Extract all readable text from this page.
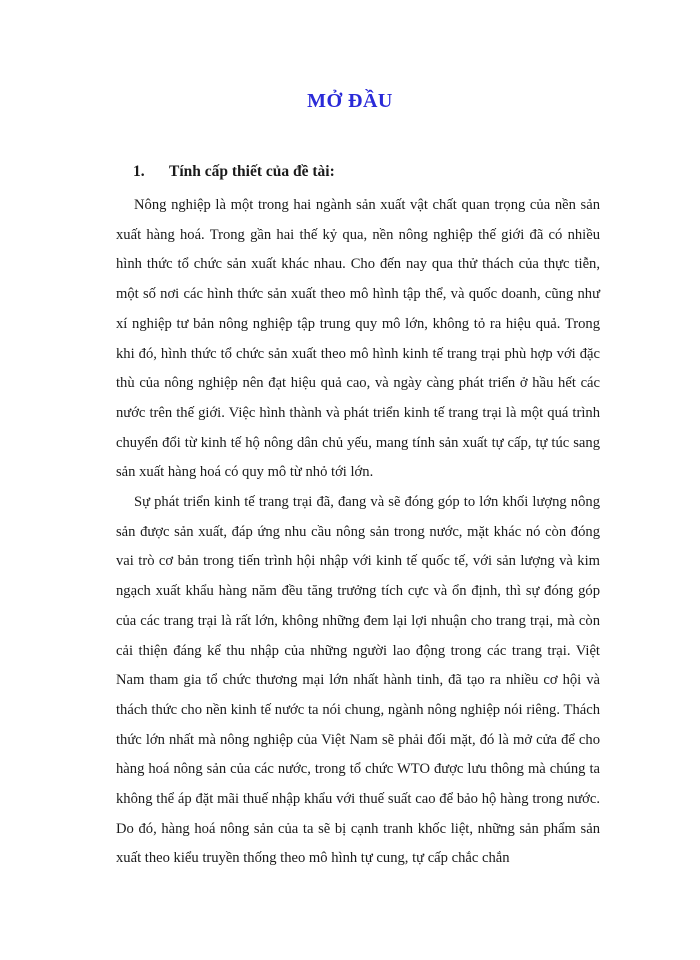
MỞ ĐẦU
1. Tính cấp thiết của đề tài:

Nông nghiệp là một trong hai ngành sản xuất vật chất quan trọng của nền sản xuất hàng hoá. Trong gần hai thế kỷ qua, nền nông nghiệp thế giới đã có nhiều hình thức tổ chức sản xuất khác nhau. Cho đến nay qua thử thách của thực tiễn, một số nơi các hình thức sản xuất theo mô hình tập thể, và quốc doanh, cũng như xí nghiệp tư bản nông nghiệp tập trung quy mô lớn, không tỏ ra hiệu quả. Trong khi đó, hình thức tổ chức sản xuất theo mô hình kinh tế trang trại phù hợp với đặc thù của nông nghiệp nên đạt hiệu quả cao, và ngày càng phát triển ở hầu hết các nước trên thế giới. Việc hình thành và phát triển kinh tế trang trại là một quá trình chuyển đổi từ kinh tế hộ nông dân chủ yếu, mang tính sản xuất tự cấp, tự túc sang sản xuất hàng hoá có quy mô từ nhỏ tới lớn.

Sự phát triển kinh tế trang trại đã, đang và sẽ đóng góp to lớn khối lượng nông sản được sản xuất, đáp ứng nhu cầu nông sản trong nước, mặt khác nó còn đóng vai trò cơ bản trong tiến trình hội nhập với kinh tế quốc tế, với sản lượng và kim ngạch xuất khẩu hàng năm đều tăng trưởng tích cực và ổn định, thì sự đóng góp của các trang trại là rất lớn, không những đem lại lợi nhuận cho trang trại, mà còn cải thiện đáng kể thu nhập của những người lao động trong các trang trại. Việt Nam tham gia tổ chức thương mại lớn nhất hành tinh, đã tạo ra nhiều cơ hội và thách thức cho nền kinh tế nước ta nói chung, ngành nông nghiệp nói riêng. Thách thức lớn nhất mà nông nghiệp của Việt Nam sẽ phải đối mặt, đó là mở cửa để cho hàng hoá nông sản của các nước, trong tổ chức WTO được lưu thông mà chúng ta không thể áp đặt mãi thuế nhập khẩu với thuế suất cao để bảo hộ hàng trong nước. Do đó, hàng hoá nông sản của ta sẽ bị cạnh tranh khốc liệt, những sản phẩm sản xuất theo kiểu truyền thống theo mô hình tự cung, tự cấp chắc chắn
